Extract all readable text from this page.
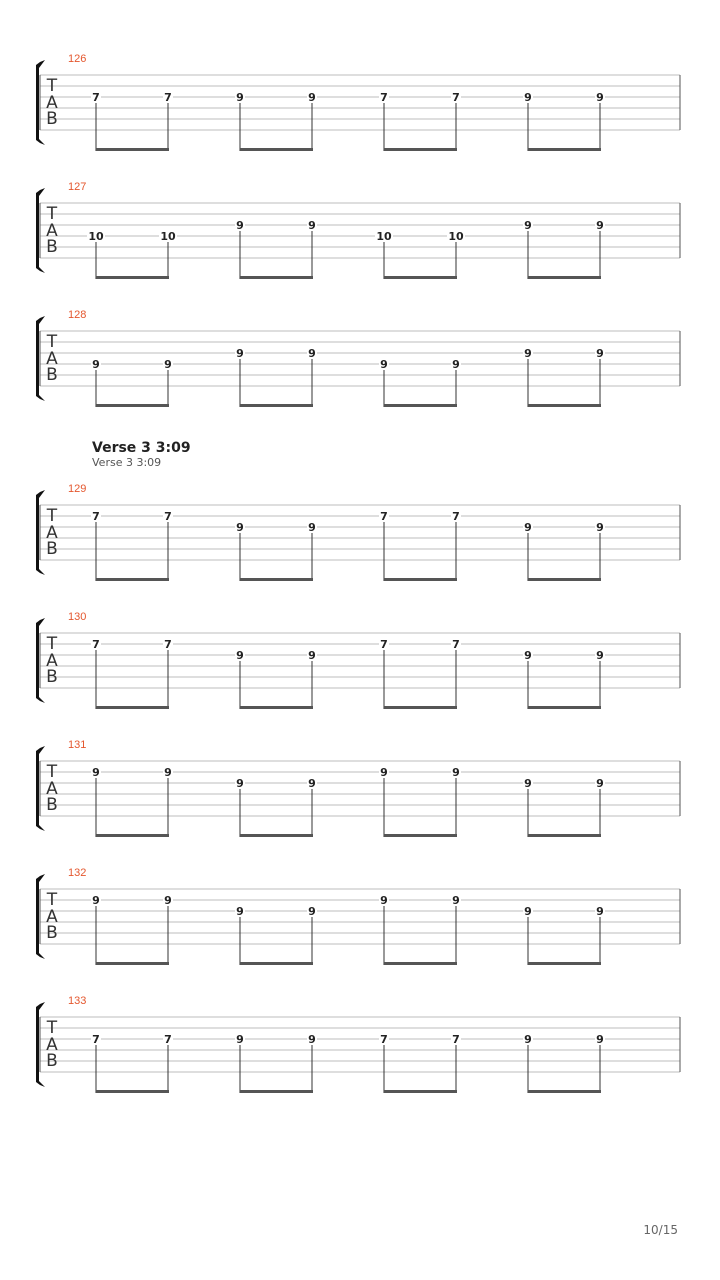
126
T
A
B
7	7	9	9	7	7	9	9
127
T
A
B
10	10
9	9
10	10
9	9
128
T
A
B
9	9
9	9
9	9
9	9
129
T
A
B
7	7
9	9
7	7
9	9
130
T
A
B
7	7
9	9
7	7
9	9
131
T
A
B
9	9
9	9
9	9
9	9
132
T
A
B
9	9
9	9
9	9
9	9
133
T
A
B
7	7	9	9	7	7	9	9
Verse 3 3:09
Verse 3 3:09
10/15
